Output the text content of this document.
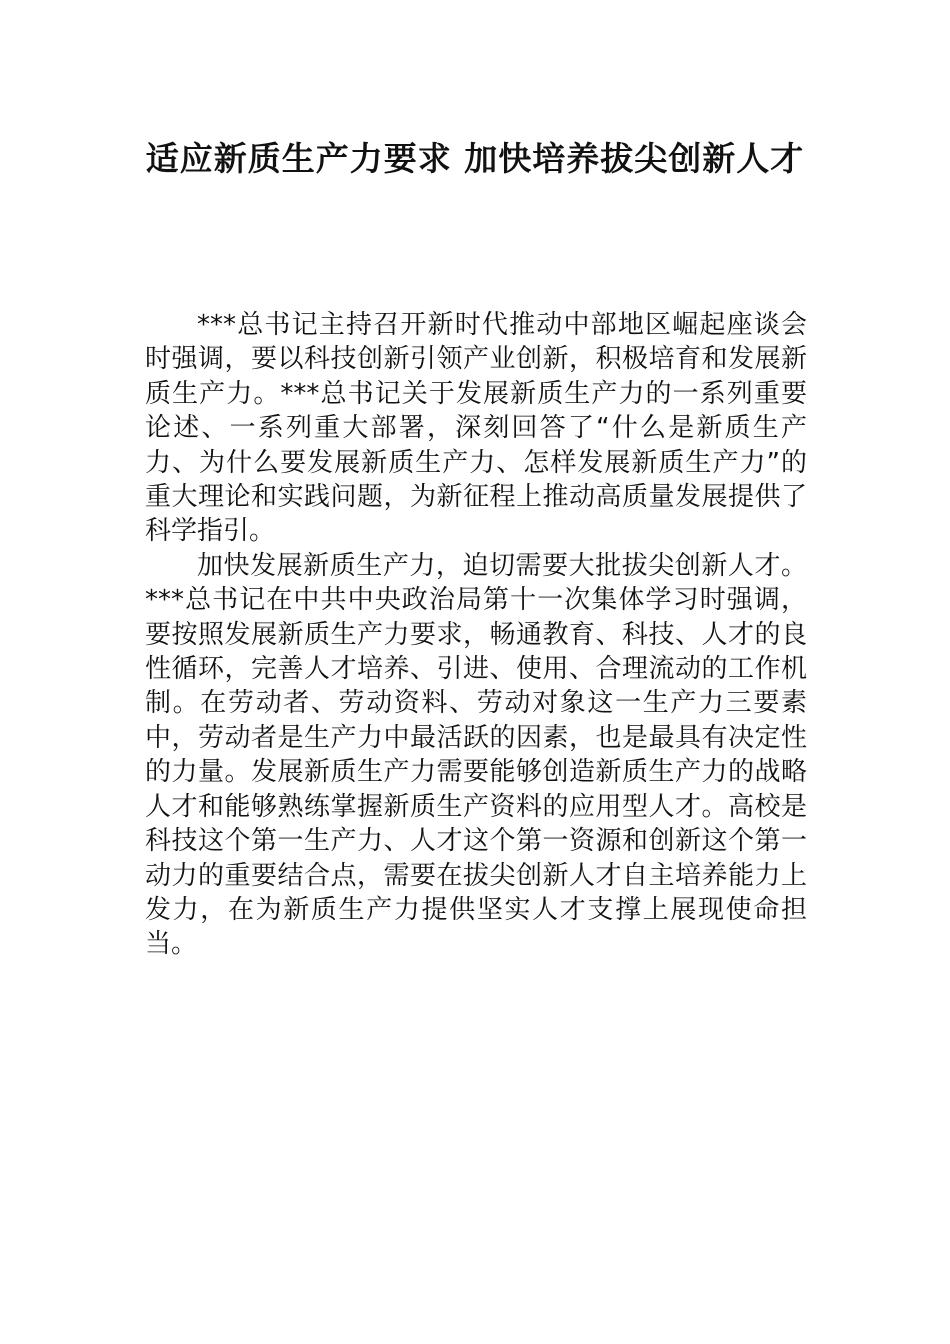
适应新质生产力要求 加快培养拔尖创新人才

***总书记主持召开新时代推动中部地区崛起座谈会时强调，要以科技创新引领产业创新，积极培育和发展新质生产力。***总书记关于发展新质生产力的一系列重要论述、一系列重大部署，深刻回答了“什么是新质生产力、为什么要发展新质生产力、怎样发展新质生产力”的重大理论和实践问题，为新征程上推动高质量发展提供了科学指引。

加快发展新质生产力，迫切需要大批拔尖创新人才。***总书记在中共中央政治局第十一次集体学习时强调，要按照发展新质生产力要求，畅通教育、科技、人才的良性循环，完善人才培养、引进、使用、合理流动的工作机制。在劳动者、劳动资料、劳动对象这一生产力三要素中，劳动者是生产力中最活跃的因素，也是最具有决定性的力量。发展新质生产力需要能够创造新质生产力的战略人才和能够熟练掌握新质生产资料的应用型人才。高校是科技这个第一生产力、人才这个第一资源和创新这个第一动力的重要结合点，需要在拔尖创新人才自主培养能力上发力，在为新质生产力提供坚实人才支撑上展现使命担当。
